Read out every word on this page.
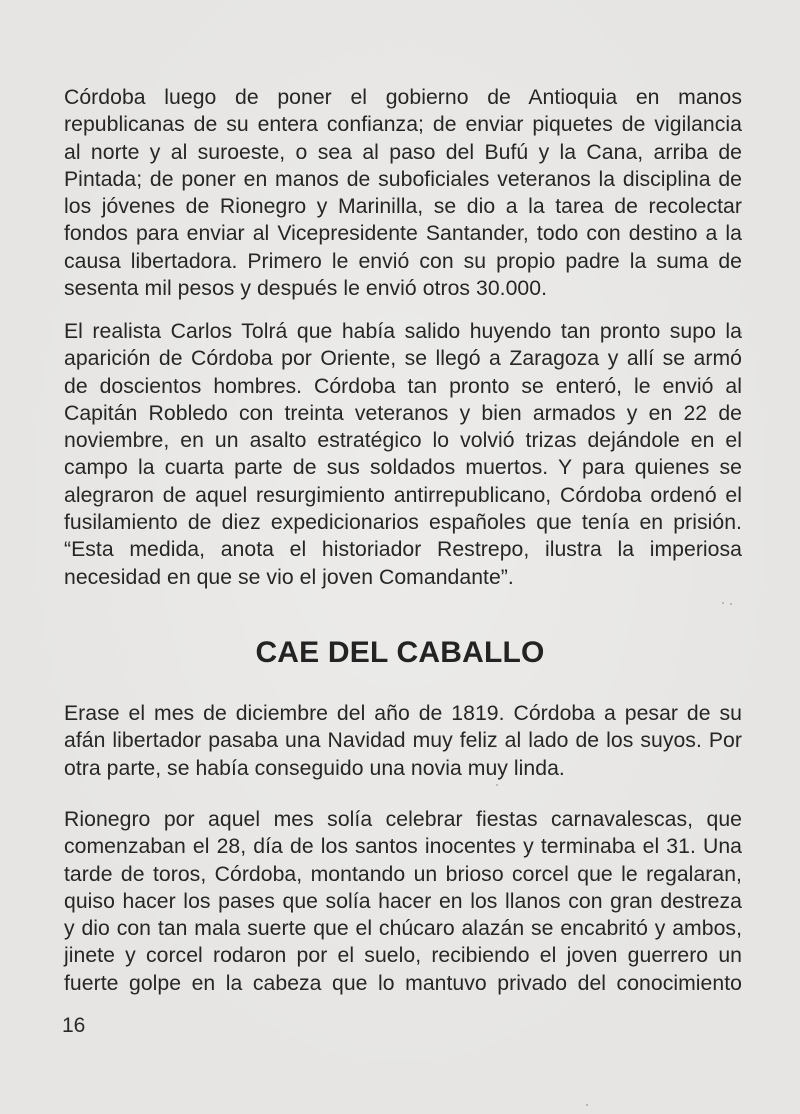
Córdoba luego de poner el gobierno de Antioquia en manos
republicanas de su entera confianza; de enviar piquetes de vigilancia
al norte y al suroeste, o sea al paso del Bufú y la Cana, arriba de
Pintada; de poner en manos de suboficiales veteranos la disciplina de
los jóvenes de Rionegro y Marinilla, se dio a la tarea de recolectar
fondos para enviar al Vicepresidente Santander, todo con destino a la
causa libertadora. Primero le envió con su propio padre la suma de
sesenta mil pesos y después le envió otros 30.000.
El realista Carlos Tolrá que había salido huyendo tan pronto supo la
aparición de Córdoba por Oriente, se llegó a Zaragoza y allí se armó
de doscientos hombres. Córdoba tan pronto se enteró, le envió al
Capitán Robledo con treinta veteranos y bien armados y en 22 de
noviembre, en un asalto estratégico lo volvió trizas dejándole en el
campo la cuarta parte de sus soldados muertos. Y para quienes se
alegraron de aquel resurgimiento antirrepublicano, Córdoba ordenó el
fusilamiento de diez expedicionarios españoles que tenía en prisión.
“Esta medida, anota el historiador Restrepo, ilustra la imperiosa
necesidad en que se vio el joven Comandante”.
CAE DEL CABALLO
Erase el mes de diciembre del año de 1819. Córdoba a pesar de su
afán libertador pasaba una Navidad muy feliz al lado de los suyos. Por
otra parte, se había conseguido una novia muy linda.
Rionegro por aquel mes solía celebrar fiestas carnavalescas, que
comenzaban el 28, día de los santos inocentes y terminaba el 31. Una
tarde de toros, Córdoba, montando un brioso corcel que le regalaran,
quiso hacer los pases que solía hacer en los llanos con gran destreza
y dio con tan mala suerte que el chúcaro alazán se encabritó y ambos,
jinete y corcel rodaron por el suelo, recibiendo el joven guerrero un
fuerte golpe en la cabeza que lo mantuvo privado del conocimiento
16
